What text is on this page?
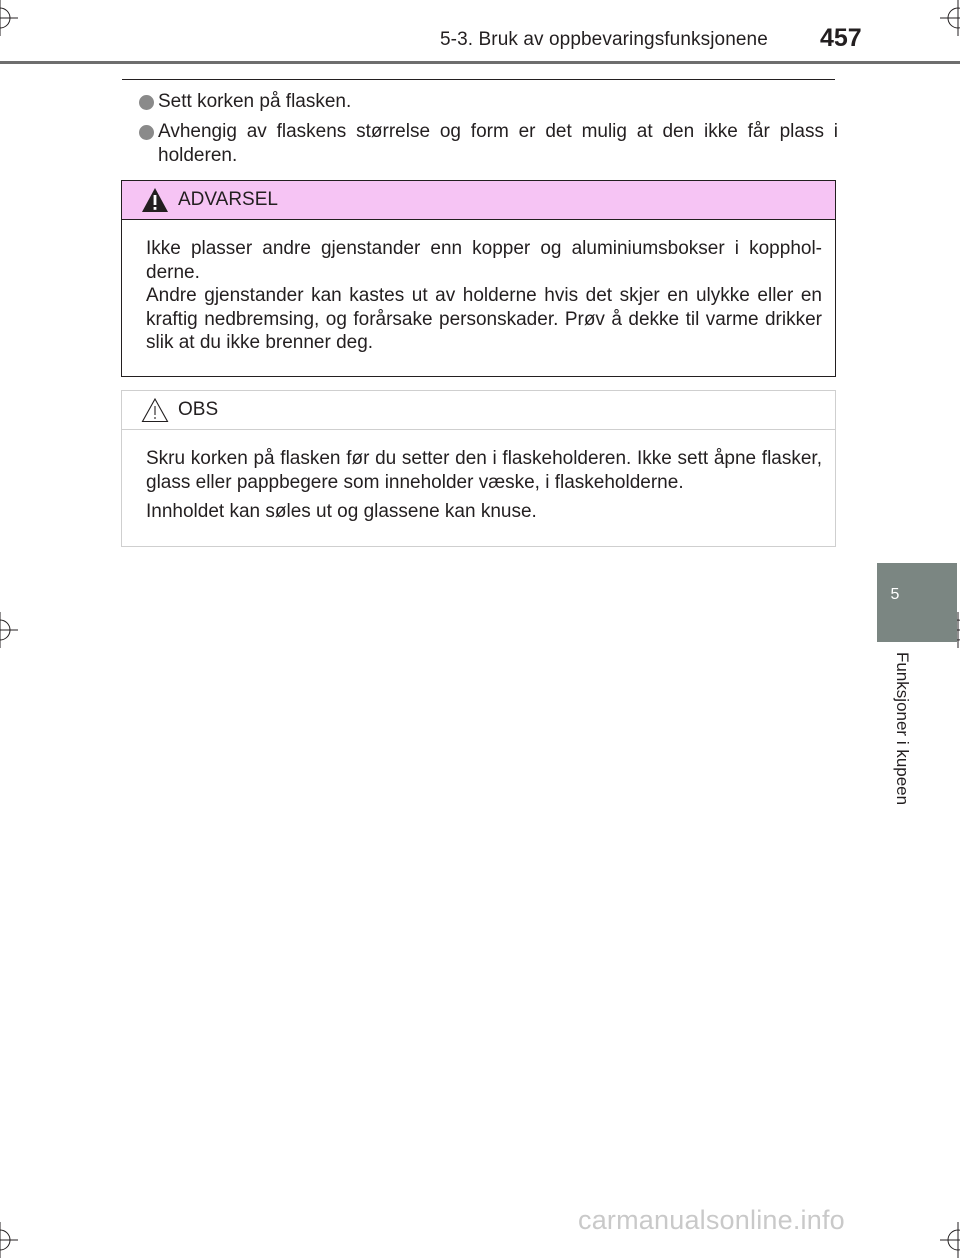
5-3. Bruk av oppbevaringsfunksjonene 457
5
Funksjoner i kupeen
Sett korken på flasken.
Avhengig av flaskens størrelse og form er det mulig at den ikke får plass i holderen.
ADVARSEL
Ikke plasser andre gjenstander enn kopper og aluminiumsbokser i kopphol-derne.
Andre gjenstander kan kastes ut av holderne hvis det skjer en ulykke eller en kraftig nedbremsing, og forårsake personskader. Prøv å dekke til varme drikker slik at du ikke brenner deg.
OBS
Skru korken på flasken før du setter den i flaskeholderen. Ikke sett åpne flasker, glass eller pappbegere som inneholder væske, i flaskeholderne.
Innholdet kan søles ut og glassene kan knuse.
carmanualsonline.info
